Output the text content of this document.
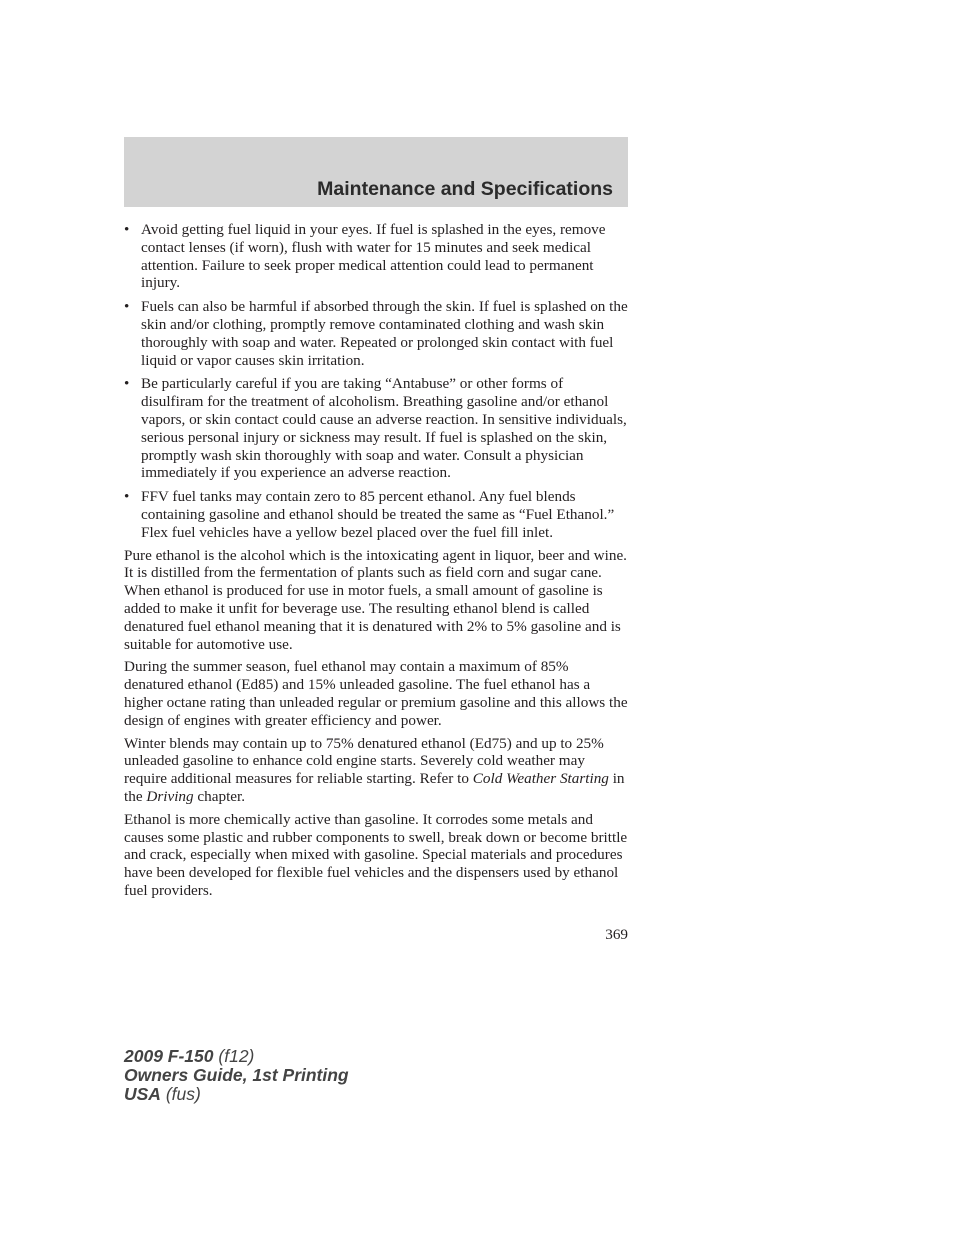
Maintenance and Specifications
• Avoid getting fuel liquid in your eyes. If fuel is splashed in the eyes, remove contact lenses (if worn), flush with water for 15 minutes and seek medical attention. Failure to seek proper medical attention could lead to permanent injury.
• Fuels can also be harmful if absorbed through the skin. If fuel is splashed on the skin and/or clothing, promptly remove contaminated clothing and wash skin thoroughly with soap and water. Repeated or prolonged skin contact with fuel liquid or vapor causes skin irritation.
• Be particularly careful if you are taking “Antabuse” or other forms of disulfiram for the treatment of alcoholism. Breathing gasoline and/or ethanol vapors, or skin contact could cause an adverse reaction. In sensitive individuals, serious personal injury or sickness may result. If fuel is splashed on the skin, promptly wash skin thoroughly with soap and water. Consult a physician immediately if you experience an adverse reaction.
• FFV fuel tanks may contain zero to 85 percent ethanol. Any fuel blends containing gasoline and ethanol should be treated the same as “Fuel Ethanol.” Flex fuel vehicles have a yellow bezel placed over the fuel fill inlet.

Pure ethanol is the alcohol which is the intoxicating agent in liquor, beer and wine. It is distilled from the fermentation of plants such as field corn and sugar cane. When ethanol is produced for use in motor fuels, a small amount of gasoline is added to make it unfit for beverage use. The resulting ethanol blend is called denatured fuel ethanol meaning that it is denatured with 2% to 5% gasoline and is suitable for automotive use.

During the summer season, fuel ethanol may contain a maximum of 85% denatured ethanol (Ed85) and 15% unleaded gasoline. The fuel ethanol has a higher octane rating than unleaded regular or premium gasoline and this allows the design of engines with greater efficiency and power.

Winter blends may contain up to 75% denatured ethanol (Ed75) and up to 25% unleaded gasoline to enhance cold engine starts. Severely cold weather may require additional measures for reliable starting. Refer to Cold Weather Starting in the Driving chapter.

Ethanol is more chemically active than gasoline. It corrodes some metals and causes some plastic and rubber components to swell, break down or become brittle and crack, especially when mixed with gasoline. Special materials and procedures have been developed for flexible fuel vehicles and the dispensers used by ethanol fuel providers.

369
2009 F-150 (f12)
Owners Guide, 1st Printing
USA (fus)
